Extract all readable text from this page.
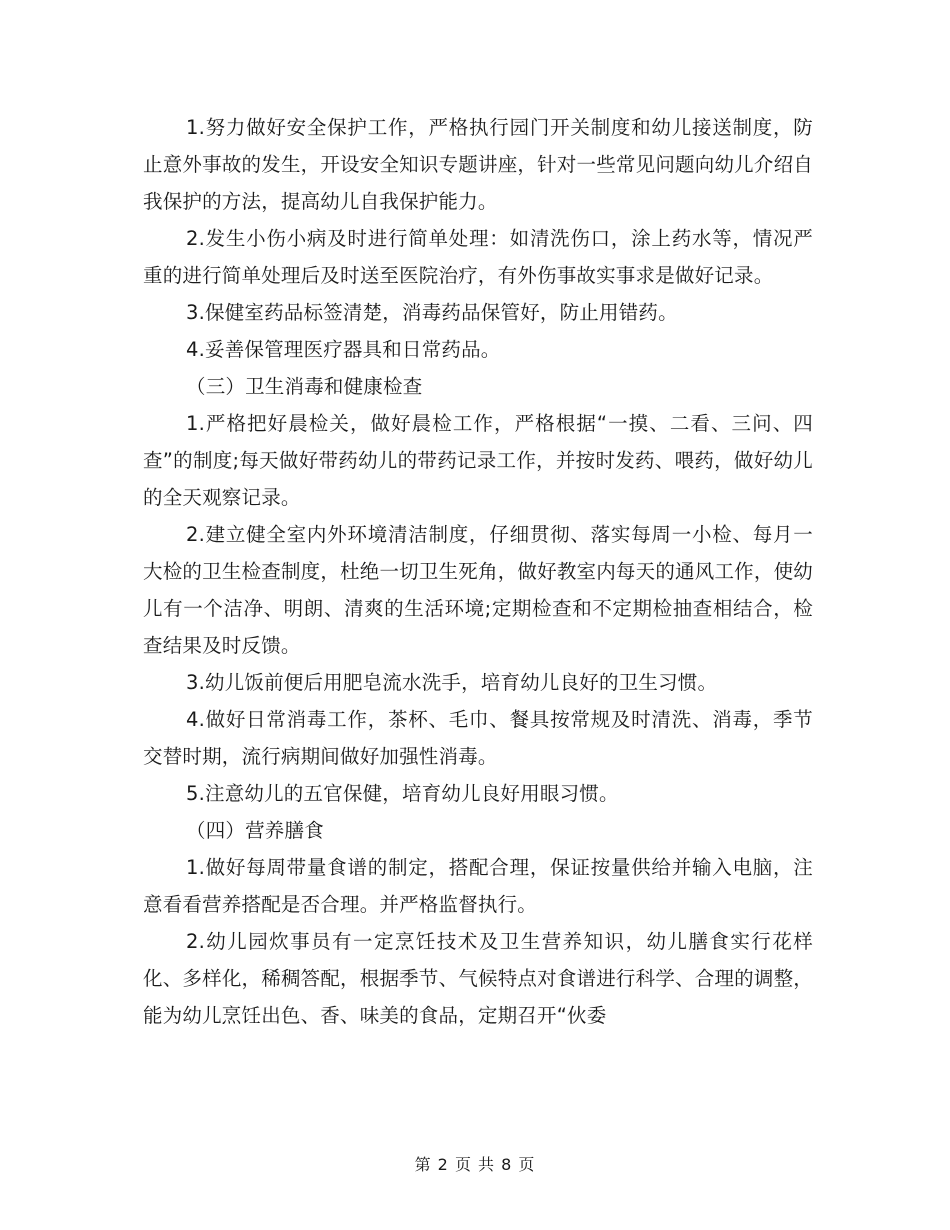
1.努力做好安全保护工作，严格执行园门开关制度和幼儿接送制度，防止意外事故的发生，开设安全知识专题讲座，针对一些常见问题向幼儿介绍自我保护的方法，提高幼儿自我保护能力。

2.发生小伤小病及时进行简单处理：如清洗伤口，涂上药水等，情况严重的进行简单处理后及时送至医院治疗，有外伤事故实事求是做好记录。

3.保健室药品标签清楚，消毒药品保管好，防止用错药。

4.妥善保管理医疗器具和日常药品。

（三）卫生消毒和健康检查

1.严格把好晨检关，做好晨检工作，严格根据“一摸、二看、三问、四查”的制度;每天做好带药幼儿的带药记录工作，并按时发药、喂药，做好幼儿的全天观察记录。

2.建立健全室内外环境清洁制度，仔细贯彻、落实每周一小检、每月一大检的卫生检查制度，杜绝一切卫生死角，做好教室内每天的通风工作，使幼儿有一个洁净、明朗、清爽的生活环境;定期检查和不定期检抽查相结合，检查结果及时反馈。

3.幼儿饭前便后用肥皂流水洗手，培育幼儿良好的卫生习惯。

4.做好日常消毒工作，茶杯、毛巾、餐具按常规及时清洗、消毒，季节交替时期，流行病期间做好加强性消毒。

5.注意幼儿的五官保健，培育幼儿良好用眼习惯。

（四）营养膳食

1.做好每周带量食谱的制定，搭配合理，保证按量供给并输入电脑，注意看看营养搭配是否合理。并严格监督执行。

2.幼儿园炊事员有一定烹饪技术及卫生营养知识，幼儿膳食实行花样化、多样化，稀稠答配，根据季节、气候特点对食谱进行科学、合理的调整，能为幼儿烹饪出色、香、味美的食品，定期召开“伙委

第 2 页 共 8 页
